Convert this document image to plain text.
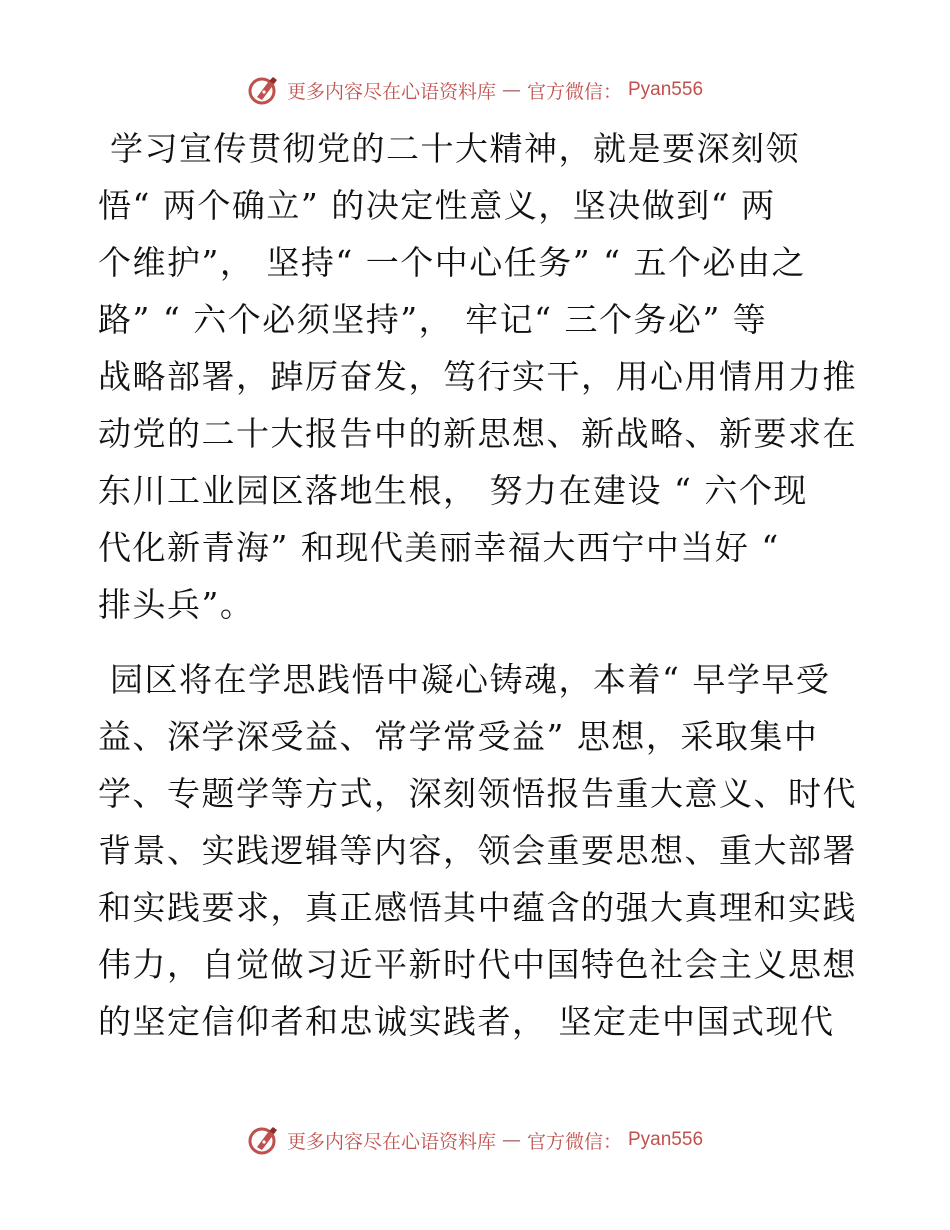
更多内容尽在心语资料库 — 官方微信： Pyan556
学习宣传贯彻党的二十大精神，就是要深刻领
悟“ 两个确立” 的决定性意义，坚决做到“ 两
个维护”， 坚持“ 一个中心任务” “ 五个必由之
路” “ 六个必须坚持”， 牢记“ 三个务必” 等
战略部署，踔厉奋发，笃行实干，用心用情用力推
动党的二十大报告中的新思想、新战略、新要求在
东川工业园区落地生根， 努力在建设 “ 六个现
代化新青海” 和现代美丽幸福大西宁中当好 “
排头兵”。
园区将在学思践悟中凝心铸魂，本着“ 早学早受
益、深学深受益、常学常受益” 思想，采取集中
学、专题学等方式，深刻领悟报告重大意义、时代
背景、实践逻辑等内容，领会重要思想、重大部署
和实践要求，真正感悟其中蕴含的强大真理和实践
伟力，自觉做习近平新时代中国特色社会主义思想
的坚定信仰者和忠诚实践者， 坚定走中国式现代
更多内容尽在心语资料库 — 官方微信： Pyan556
